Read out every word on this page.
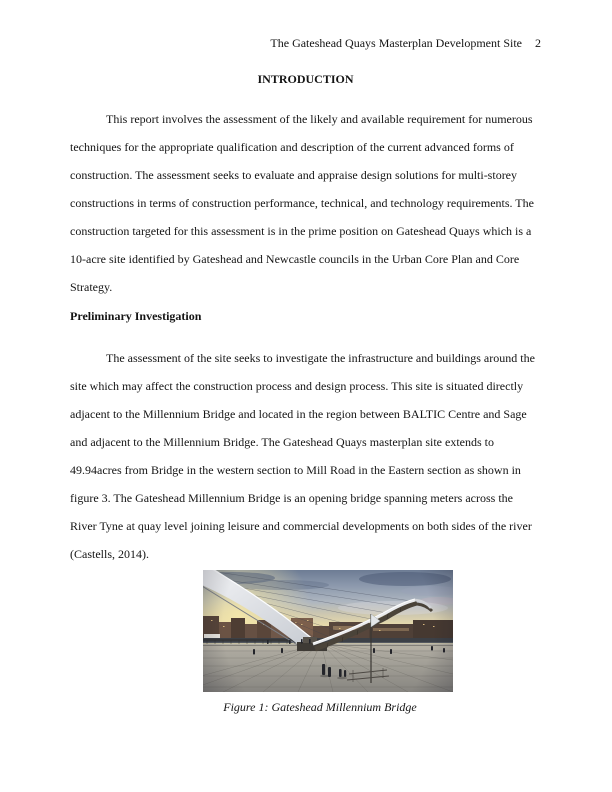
The Gateshead Quays Masterplan Development Site 2
INTRODUCTION
This report involves the assessment of the likely and available requirement for numerous
techniques for the appropriate qualification and description of the current advanced forms of
construction. The assessment seeks to evaluate and appraise design solutions for multi-storey
constructions in terms of construction performance, technical, and technology requirements. The
construction targeted for this assessment is in the prime position on Gateshead Quays which is a
10-acre site identified by Gateshead and Newcastle councils in the Urban Core Plan and Core
Strategy.
Preliminary Investigation
The assessment of the site seeks to investigate the infrastructure and buildings around the
site which may affect the construction process and design process. This site is situated directly
adjacent to the Millennium Bridge and located in the region between BALTIC Centre and Sage
and adjacent to the Millennium Bridge. The Gateshead Quays masterplan site extends to
49.94acres from Bridge in the western section to Mill Road in the Eastern section as shown in
figure 3. The Gateshead Millennium Bridge is an opening bridge spanning meters across the
River Tyne at quay level joining leisure and commercial developments on both sides of the river
(Castells, 2014).
Figure 1: Gateshead Millennium Bridge
